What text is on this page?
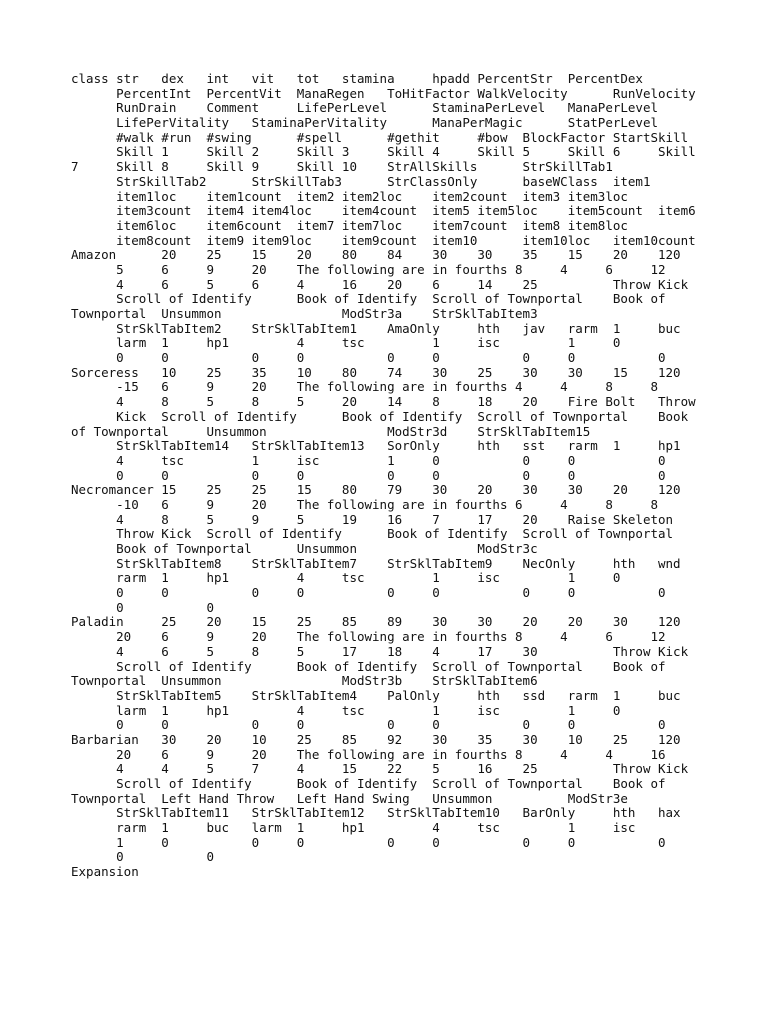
class str   dex   int   vit   tot   stamina     hpadd PercentStr  PercentDex
PercentInt  PercentVit  ManaRegen   ToHitFactor WalkVelocity      RunVelocity
RunDrain    Comment     LifePerLevel      StaminaPerLevel   ManaPerLevel
LifePerVitality   StaminaPerVitality      ManaPerMagic      StatPerLevel
#walk #run  #swing      #spell      #gethit     #bow  BlockFactor StartSkill
Skill 1     Skill 2     Skill 3     Skill 4     Skill 5     Skill 6     Skill
7     Skill 8     Skill 9     Skill 10    StrAllSkills      StrSkillTab1
StrSkillTab2      StrSkillTab3      StrClassOnly      baseWClass  item1
item1loc    item1count  item2 item2loc    item2count  item3 item3loc
item3count  item4 item4loc    item4count  item5 item5loc    item5count  item6
item6loc    item6count  item7 item7loc    item7count  item8 item8loc
item8count  item9 item9loc    item9count  item10      item10loc   item10count
Amazon      20    25    15    20    80    84    30    30    35    15    20    120
5     6     9     20    The following are in fourths 8     4     6     12
4     6     5     6     4     16    20    6     14    25          Throw Kick
Scroll of Identify      Book of Identify  Scroll of Townportal    Book of
Townportal  Unsummon                ModStr3a    StrSklTabItem3
StrSklTabItem2    StrSklTabItem1    AmaOnly     hth   jav   rarm  1     buc
larm  1     hp1         4     tsc         1     isc         1     0
0     0           0     0           0     0           0     0           0
Sorceress   10    25    35    10    80    74    30    25    30    30    15    120
-15   6     9     20    The following are in fourths 4     4     8     8
4     8     5     8     5     20    14    8     18    20    Fire Bolt   Throw
Kick  Scroll of Identify      Book of Identify  Scroll of Townportal    Book
of Townportal     Unsummon                ModStr3d    StrSklTabItem15
StrSklTabItem14   StrSklTabItem13   SorOnly     hth   sst   rarm  1     hp1
4     tsc         1     isc         1     0           0     0           0
0     0           0     0           0     0           0     0           0
Necromancer 15    25    25    15    80    79    30    20    30    30    20    120
-10   6     9     20    The following are in fourths 6     4     8     8
4     8     5     9     5     19    16    7     17    20    Raise Skeleton
Throw Kick  Scroll of Identify      Book of Identify  Scroll of Townportal
Book of Townportal      Unsummon                ModStr3c
StrSklTabItem8    StrSklTabItem7    StrSklTabItem9    NecOnly     hth   wnd
rarm  1     hp1         4     tsc         1     isc         1     0
0     0           0     0           0     0           0     0           0
0           0
Paladin     25    20    15    25    85    89    30    30    20    20    30    120
20    6     9     20    The following are in fourths 8     4     6     12
4     6     5     8     5     17    18    4     17    30          Throw Kick
Scroll of Identify      Book of Identify  Scroll of Townportal    Book of
Townportal  Unsummon                ModStr3b    StrSklTabItem6
StrSklTabItem5    StrSklTabItem4    PalOnly     hth   ssd   rarm  1     buc
larm  1     hp1         4     tsc         1     isc         1     0
0     0           0     0           0     0           0     0           0
Barbarian   30    20    10    25    85    92    30    35    30    10    25    120
20    6     9     20    The following are in fourths 8     4     4     16
4     4     5     7     4     15    22    5     16    25          Throw Kick
Scroll of Identify      Book of Identify  Scroll of Townportal    Book of
Townportal  Left Hand Throw   Left Hand Swing   Unsummon          ModStr3e
StrSklTabItem11   StrSklTabItem12   StrSklTabItem10   BarOnly     hth   hax
rarm  1     buc   larm  1     hp1         4     tsc         1     isc
1     0           0     0           0     0           0     0           0
0           0
Expansion
